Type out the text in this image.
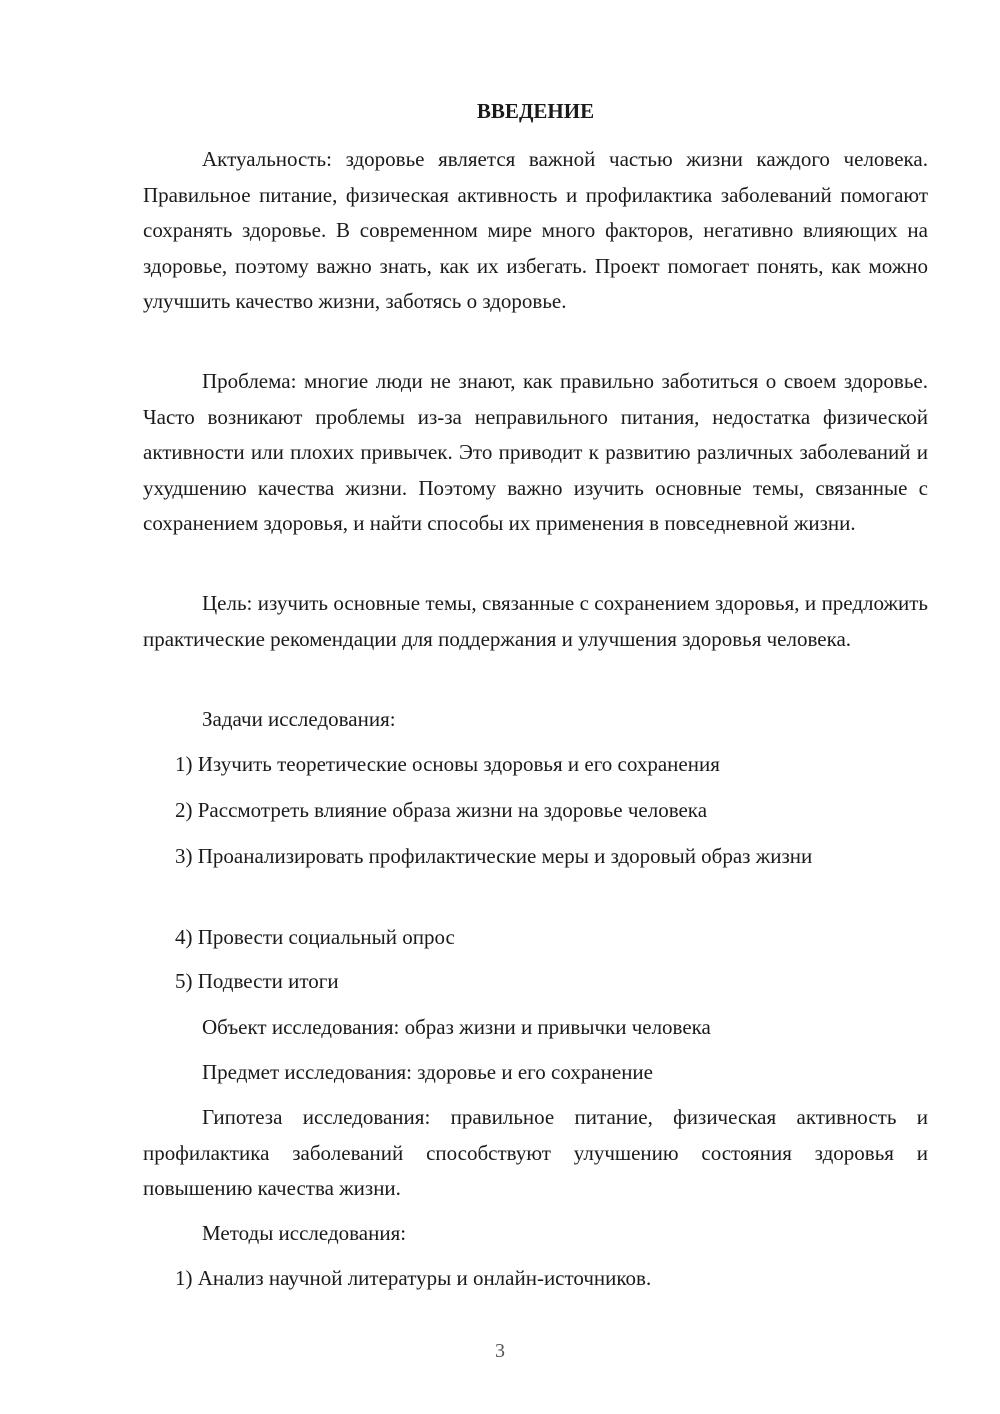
ВВЕДЕНИЕ

Актуальность: здоровье является важной частью жизни каждого человека. Правильное питание, физическая активность и профилактика заболеваний помогают сохранять здоровье. В современном мире много факторов, негативно влияющих на здоровье, поэтому важно знать, как их избегать. Проект помогает понять, как можно улучшить качество жизни, заботясь о здоровье.

Проблема: многие люди не знают, как правильно заботиться о своем здоровье. Часто возникают проблемы из-за неправильного питания, недостатка физической активности или плохих привычек. Это приводит к развитию различных заболеваний и ухудшению качества жизни. Поэтому важно изучить основные темы, связанные с сохранением здоровья, и найти способы их применения в повседневной жизни.

Цель: изучить основные темы, связанные с сохранением здоровья, и предложить практические рекомендации для поддержания и улучшения здоровья человека.

Задачи исследования:

1) Изучить теоретические основы здоровья и его сохранения

2) Рассмотреть влияние образа жизни на здоровье человека

3) Проанализировать профилактические меры и здоровый образ жизни

4) Провести социальный опрос

5) Подвести итоги

Объект исследования: образ жизни и привычки человека

Предмет исследования: здоровье и его сохранение

Гипотеза исследования: правильное питание, физическая активность и профилактика заболеваний способствуют улучшению состояния здоровья и повышению качества жизни.

Методы исследования:

1) Анализ научной литературы и онлайн-источников.

3
